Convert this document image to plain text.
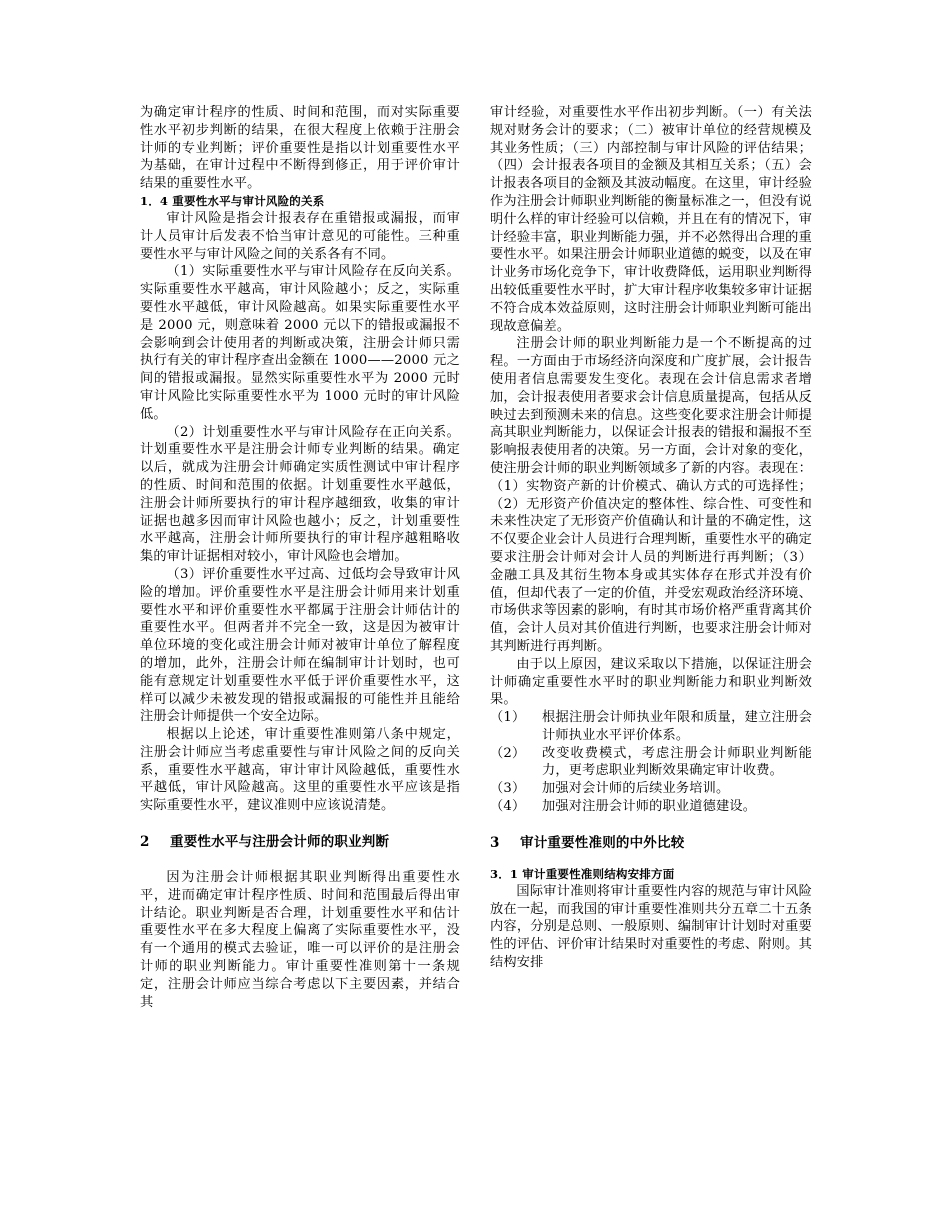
为确定审计程序的性质、时间和范围，而对实际重要性水平初步判断的结果，在很大程度上依赖于注册会计师的专业判断；评价重要性是指以计划重要性水平为基础，在审计过程中不断得到修正，用于评价审计结果的重要性水平。

1．4 重要性水平与审计风险的关系

审计风险是指会计报表存在重错报或漏报，而审计人员审计后发表不恰当审计意见的可能性。三种重要性水平与审计风险之间的关系各有不同。

（1）实际重要性水平与审计风险存在反向关系。实际重要性水平越高，审计风险越小；反之，实际重要性水平越低，审计风险越高。如果实际重要性水平是 2000 元，则意味着 2000 元以下的错报或漏报不会影响到会计使用者的判断或决策，注册会计师只需执行有关的审计程序查出金额在 1000——2000 元之间的错报或漏报。显然实际重要性水平为 2000 元时审计风险比实际重要性水平为 1000 元时的审计风险低。

（2）计划重要性水平与审计风险存在正向关系。计划重要性水平是注册会计师专业判断的结果。确定以后，就成为注册会计师确定实质性测试中审计程序的性质、时间和范围的依据。计划重要性水平越低，注册会计师所要执行的审计程序越细致，收集的审计证据也越多因而审计风险也越小；反之，计划重要性水平越高，注册会计师所要执行的审计程序越粗略收集的审计证据相对较小，审计风险也会增加。

（3）评价重要性水平过高、过低均会导致审计风险的增加。评价重要性水平是注册会计师用来计划重要性水平和评价重要性水平都属于注册会计师估计的重要性水平。但两者并不完全一致，这是因为被审计单位环境的变化或注册会计师对被审计单位了解程度的增加，此外，注册会计师在编制审计计划时，也可能有意规定计划重要性水平低于评价重要性水平，这样可以减少未被发现的错报或漏报的可能性并且能给注册会计师提供一个安全边际。

根据以上论述，审计重要性准则第八条中规定，注册会计师应当考虑重要性与审计风险之间的反向关系，重要性水平越高，审计审计风险越低，重要性水平越低，审计风险越高。这里的重要性水平应该是指实际重要性水平，建议准则中应该说清楚。

2 重要性水平与注册会计师的职业判断

因为注册会计师根据其职业判断得出重要性水平，进而确定审计程序性质、时间和范围最后得出审计结论。职业判断是否合理，计划重要性水平和估计重要性水平在多大程度上偏离了实际重要性水平，没有一个通用的模式去验证，唯一可以评价的是注册会计师的职业判断能力。审计重要性准则第十一条规定，注册会计师应当综合考虑以下主要因素，并结合其

审计经验，对重要性水平作出初步判断。（一）有关法规对财务会计的要求；（二）被审计单位的经营规模及其业务性质；（三）内部控制与审计风险的评估结果；（四）会计报表各项目的金额及其相互关系；（五）会计报表各项目的金额及其波动幅度。在这里，审计经验作为注册会计师职业判断能的衡量标准之一，但没有说明什么样的审计经验可以信赖，并且在有的情况下，审计经验丰富，职业判断能力强，并不必然得出合理的重要性水平。如果注册会计师职业道德的蜕变，以及在审计业务市场化竞争下，审计收费降低，运用职业判断得出较低重要性水平时，扩大审计程序收集较多审计证据不符合成本效益原则，这时注册会计师职业判断可能出现故意偏差。

注册会计师的职业判断能力是一个不断提高的过程。一方面由于市场经济向深度和广度扩展，会计报告使用者信息需要发生变化。表现在会计信息需求者增加，会计报表使用者要求会计信息质量提高，包括从反映过去到预测未来的信息。这些变化要求注册会计师提高其职业判断能力，以保证会计报表的错报和漏报不至影响报表使用者的决策。另一方面，会计对象的变化，使注册会计师的职业判断领域多了新的内容。表现在：（1）实物资产新的计价模式、确认方式的可选择性；（2）无形资产价值决定的整体性、综合性、可变性和未来性决定了无形资产价值确认和计量的不确定性，这不仅要企业会计人员进行合理判断，重要性水平的确定要求注册会计师对会计人员的判断进行再判断；（3）金融工具及其衍生物本身或其实体存在形式并没有价值，但却代表了一定的价值，并受宏观政治经济环境、市场供求等因素的影响，有时其市场价格严重背离其价值，会计人员对其价值进行判断，也要求注册会计师对其判断进行再判断。

由于以上原因，建议采取以下措施，以保证注册会计师确定重要性水平时的职业判断能力和职业判断效果。

（1）	根据注册会计师执业年限和质量，建立注册会计师执业水平评价体系。
（2）	改变收费模式，考虑注册会计师职业判断能力，更考虑职业判断效果确定审计收费。
（3）	加强对会计师的后续业务培训。
（4）	加强对注册会计师的职业道德建设。

3 审计重要性准则的中外比较

3．1 审计重要性准则结构安排方面

国际审计准则将审计重要性内容的规范与审计风险放在一起，而我国的审计重要性准则共分五章二十五条内容，分别是总则、一般原则、编制审计计划时对重要性的评估、评价审计结果时对重要性的考虑、附则。其结构安排
